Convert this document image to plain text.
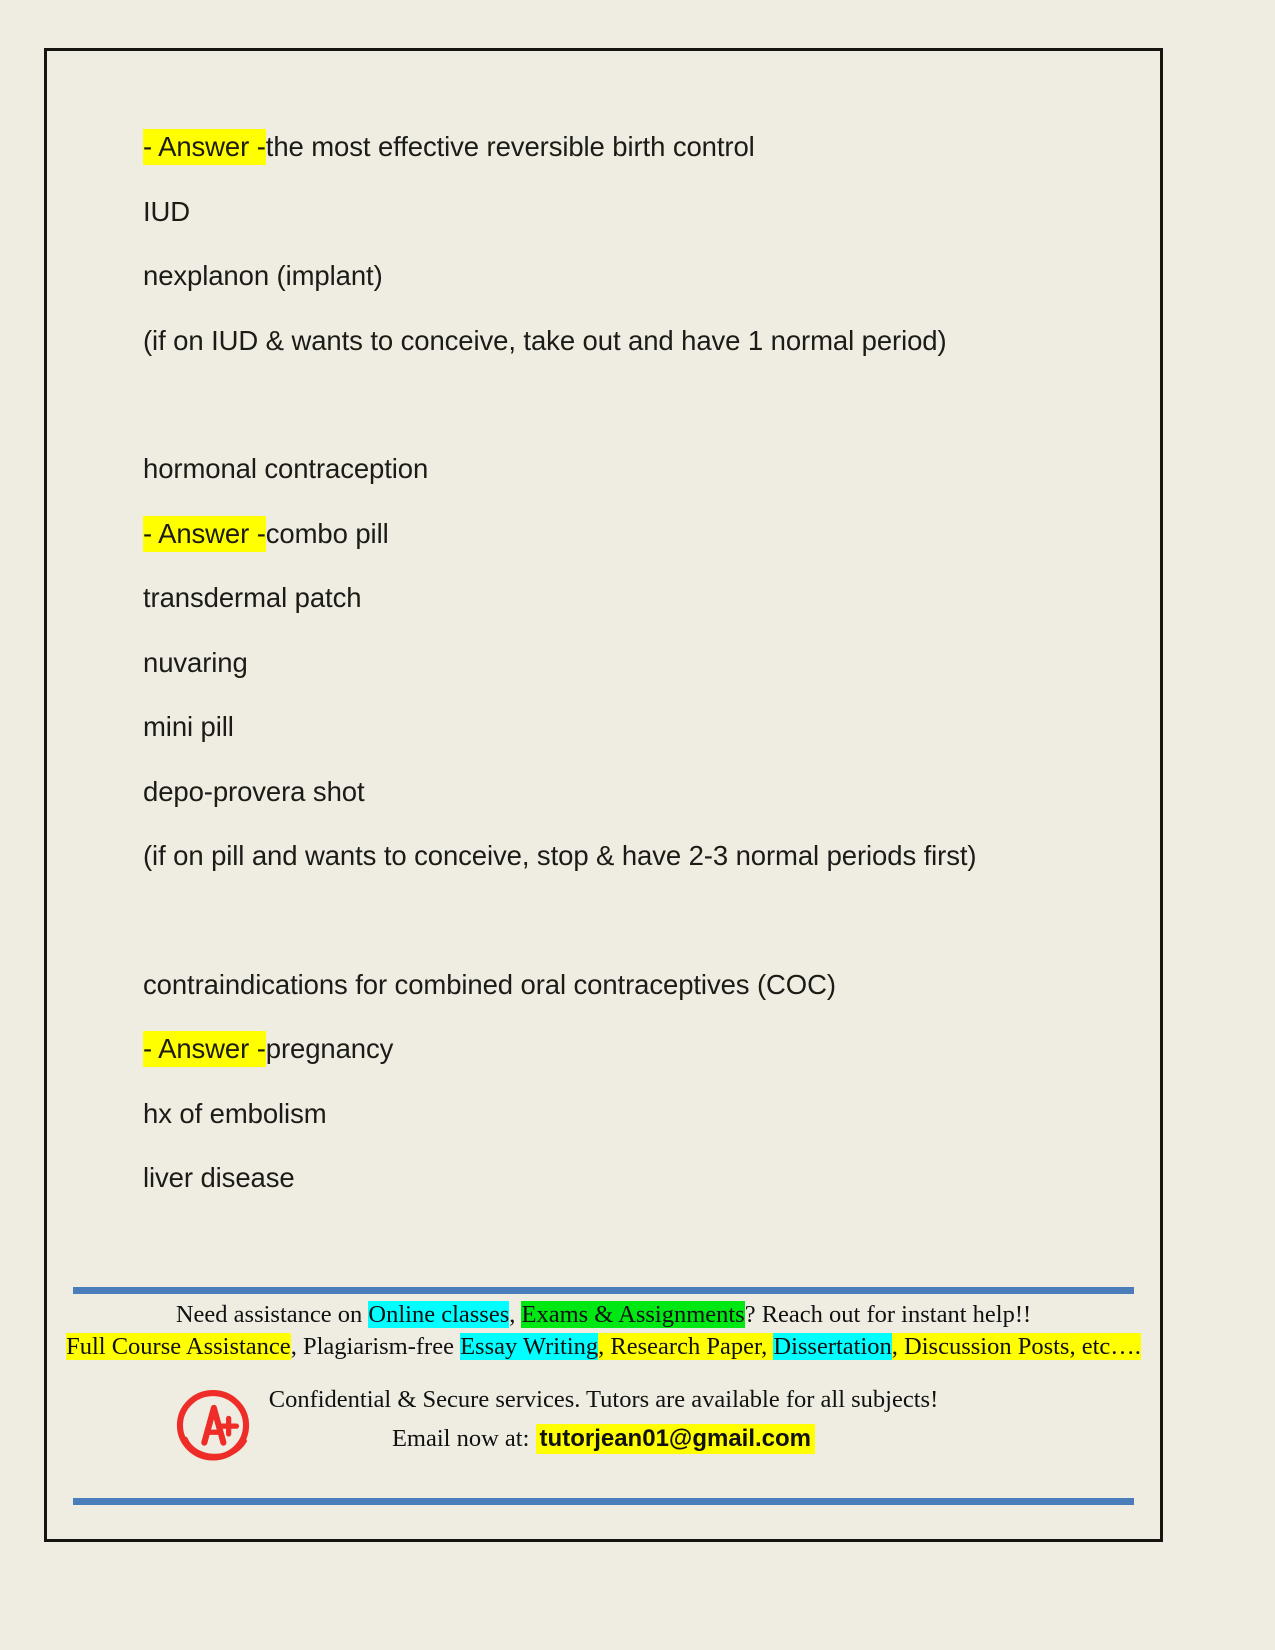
- Answer -the most effective reversible birth control

IUD

nexplanon (implant)

(if on IUD & wants to conceive, take out and have 1 normal period)

hormonal contraception

- Answer -combo pill

transdermal patch

nuvaring

mini pill

depo-provera shot

(if on pill and wants to conceive, stop & have 2-3 normal periods first)

contraindications for combined oral contraceptives (COC)

- Answer -pregnancy

hx of embolism

liver disease

Need assistance on Online classes, Exams & Assignments? Reach out for instant help!!
Full Course Assistance, Plagiarism-free Essay Writing, Research Paper, Dissertation, Discussion Posts, etc….
Confidential & Secure services. Tutors are available for all subjects!
Email now at: tutorjean01@gmail.com
